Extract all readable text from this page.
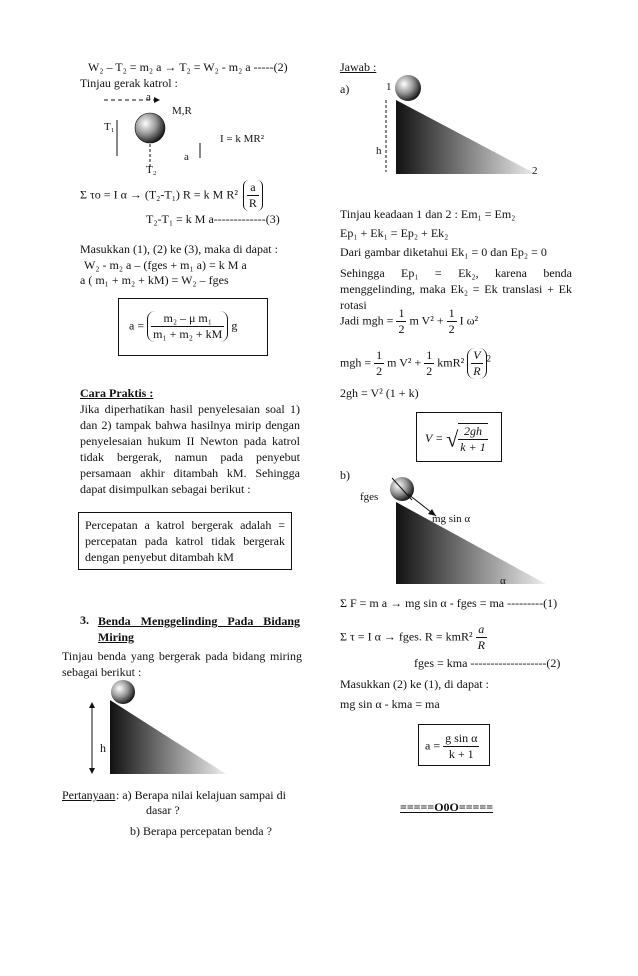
W₂ – T₂ = m₂ a → T₂ = W₂ - m₂ a -----(2)
Tinjau gerak katrol :
a
M,R
T₁
I = k MR²
a
T₂
Σ τo = I α → (T₂-T₁) R = k M $R^2 \frac{a}{R}$
T₂-T₁ = k M a-------------(3)
Masukkan (1), (2) ke (3), maka di dapat :
W₂ - m₂ a – (fges + m₁ a) = k M a
a ( m₁ + m₂ + kM) = W₂ – fges
$a = \frac{\text{m₂ – μ m₁}}{\text{m₁ + m₂ + kM}}$ g
Cara Praktis :
Jika diperhatikan hasil penyelesaian soal 1) dan 2) tampak bahwa hasilnya mirip dengan penyelesaian hukum II Newton pada katrol tidak bergerak, namun pada penyebut persamaan akhir ditambah kM. Sehingga dapat disimpulkan sebagai berikut :
Percepatan a katrol bergerak adalah = percepatan pada katrol tidak bergerak dengan penyebut ditambah kM
3. Benda Menggelinding Pada Bidang Miring
Tinjau benda yang bergerak pada bidang miring sebagai berikut :
h
Pertanyaan : a) Berapa nilai kelajuan sampai di
dasar ?
b) Berapa percepatan benda ?
Jawab :
a)	1
h
2
Tinjau keadaan 1 dan 2 : Em₁ = Em₂
Ep₁ + Ek₁ = Ep₂ + Ek₂
Dari gambar diketahui Ek₁ = 0 dan Ep₂ = 0
Sehingga Ep₁ = Ek₂, karena benda menggelinding, maka Ek₂ = Ek translasi + Ek rotasi
Jadi mgh = $\frac{1}{2}$ m $V^2 + \frac{1}{2}$ I ω²
mgh = $\frac{1}{2}$ m $V^2 + \frac{1}{2} kmR^2 \frac{V}{R} ^2$
2gh = V² (1 + k)
V = √ $\frac{2gh}{k + 1}$
b)
fges
mg sin α
α
Σ F = m a → mg sin α - fges = ma ---------(1)
Σ τ = I α → fges. $R = kmR^2 \frac{a}{R}$
fges = kma -------------------(2)
Masukkan (2) ke (1), di dapat :
mg sin α - kma = ma
$a = \frac{\text{g sin α}}{k + 1}$
=====O0O=====
